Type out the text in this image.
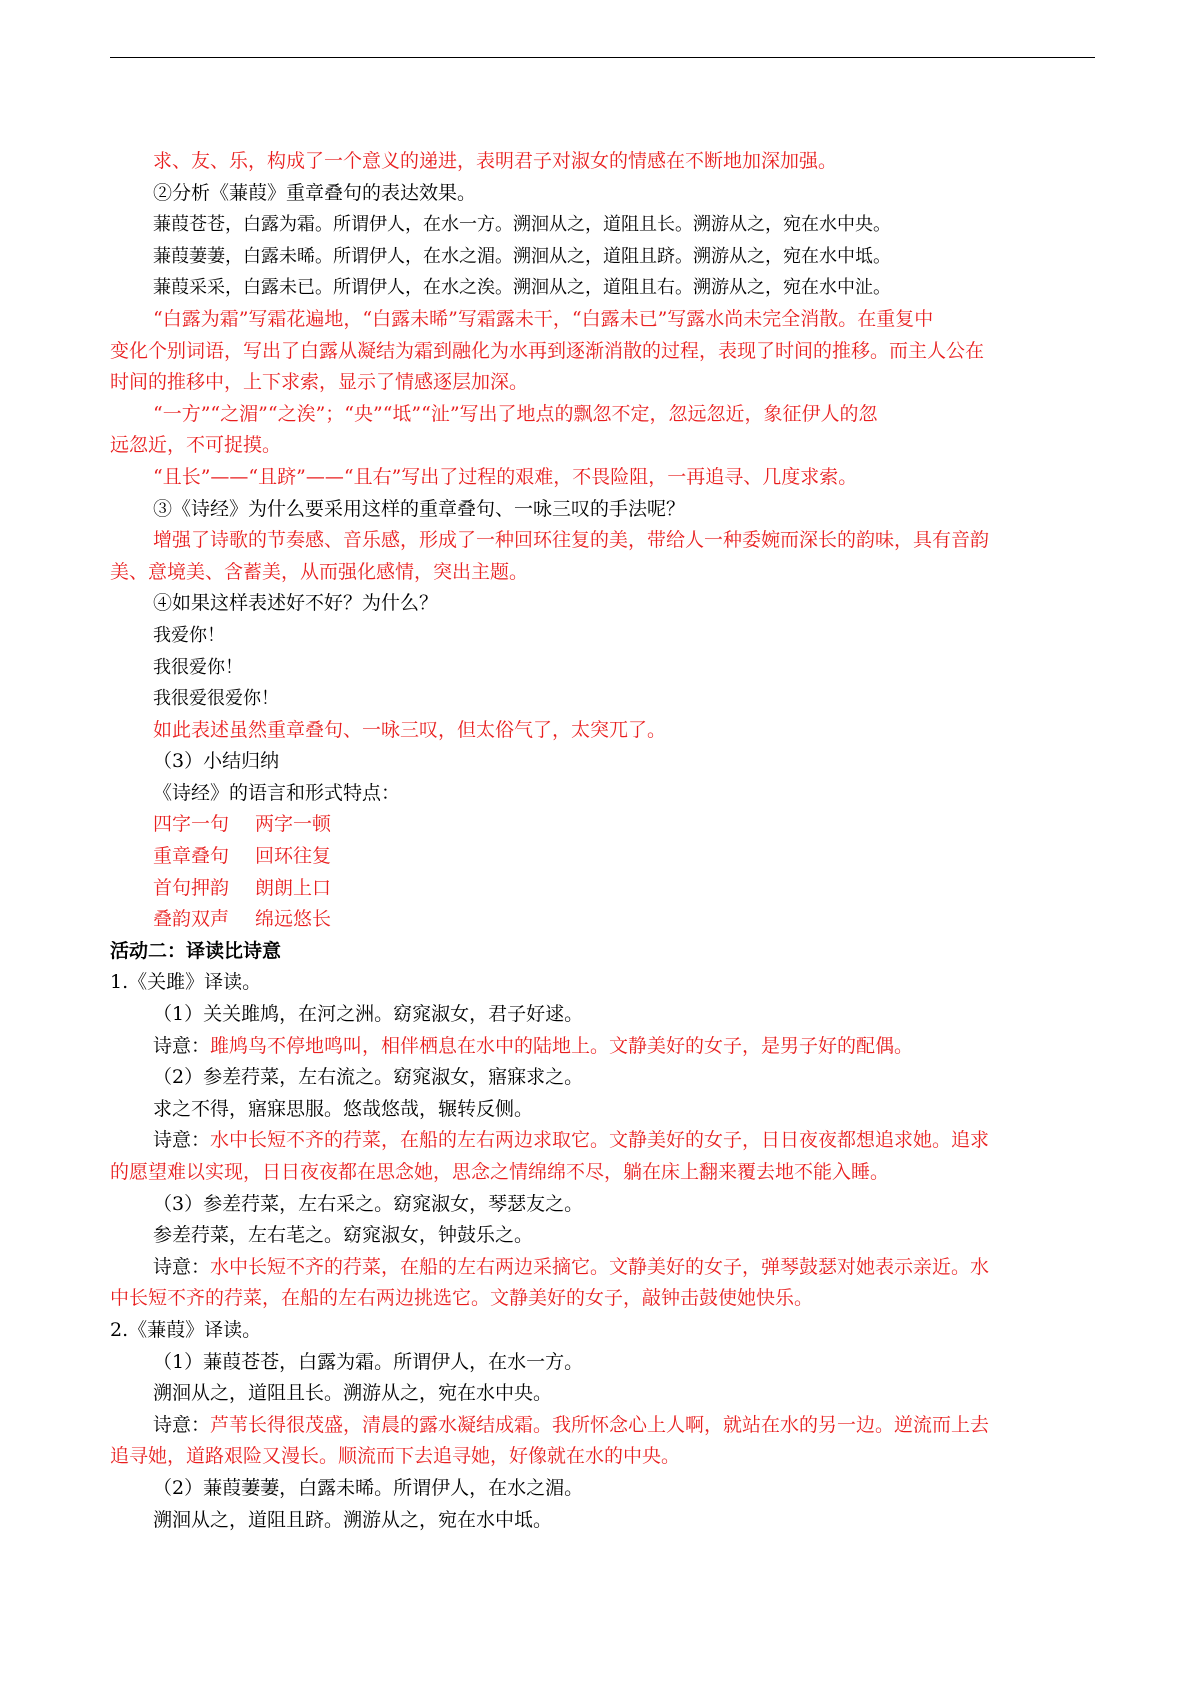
求、友、乐，构成了一个意义的递进，表明君子对淑女的情感在不断地加深加强。

②分析《蒹葭》重章叠句的表达效果。

蒹葭苍苍，白露为霜。所谓伊人，在水一方。溯洄从之，道阻且长。溯游从之，宛在水中央。

蒹葭萋萋，白露未晞。所谓伊人，在水之湄。溯洄从之，道阻且跻。溯游从之，宛在水中坻。

蒹葭采采，白露未已。所谓伊人，在水之涘。溯洄从之，道阻且右。溯游从之，宛在水中沚。

“白露为霜”写霜花遍地，“白露未晞”写霜露未干，“白露未已”写露水尚未完全消散。在重复中

变化个别词语，写出了白露从凝结为霜到融化为水再到逐渐消散的过程，表现了时间的推移。而主人公在

时间的推移中，上下求索，显示了情感逐层加深。

“一方”“之湄”“之涘”；“央”“坻”“沚”写出了地点的飘忽不定，忽远忽近，象征伊人的忽

远忽近，不可捉摸。

“且长”——“且跻”——“且右”写出了过程的艰难，不畏险阻，一再追寻、几度求索。

③《诗经》为什么要采用这样的重章叠句、一咏三叹的手法呢？

增强了诗歌的节奏感、音乐感，形成了一种回环往复的美，带给人一种委婉而深长的韵味，具有音韵

美、意境美、含蓄美，从而强化感情，突出主题。

④如果这样表述好不好？为什么？

我爱你！

我很爱你！

我很爱很爱你！

如此表述虽然重章叠句、一咏三叹，但太俗气了，太突兀了。

（3）小结归纳

《诗经》的语言和形式特点：

四字一句 两字一顿

重章叠句 回环往复

首句押韵 朗朗上口

叠韵双声 绵远悠长

活动二：译读比诗意

1.《关雎》译读。

（1）关关雎鸠，在河之洲。窈窕淑女，君子好逑。

诗意：雎鸠鸟不停地鸣叫，相伴栖息在水中的陆地上。文静美好的女子，是男子好的配偶。

（2）参差荇菜，左右流之。窈窕淑女，寤寐求之。

求之不得，寤寐思服。悠哉悠哉，辗转反侧。

诗意：水中长短不齐的荇菜，在船的左右两边求取它。文静美好的女子，日日夜夜都想追求她。追求

的愿望难以实现，日日夜夜都在思念她，思念之情绵绵不尽，躺在床上翻来覆去地不能入睡。

（3）参差荇菜，左右采之。窈窕淑女，琴瑟友之。

参差荇菜，左右芼之。窈窕淑女，钟鼓乐之。

诗意：水中长短不齐的荇菜，在船的左右两边采摘它。文静美好的女子，弹琴鼓瑟对她表示亲近。水

中长短不齐的荇菜，在船的左右两边挑选它。文静美好的女子，敲钟击鼓使她快乐。

2.《蒹葭》译读。

（1）蒹葭苍苍，白露为霜。所谓伊人，在水一方。

溯洄从之，道阻且长。溯游从之，宛在水中央。

诗意：芦苇长得很茂盛，清晨的露水凝结成霜。我所怀念心上人啊，就站在水的另一边。逆流而上去

追寻她，道路艰险又漫长。顺流而下去追寻她，好像就在水的中央。

（2）蒹葭萋萋，白露未晞。所谓伊人，在水之湄。

溯洄从之，道阻且跻。溯游从之，宛在水中坻。
